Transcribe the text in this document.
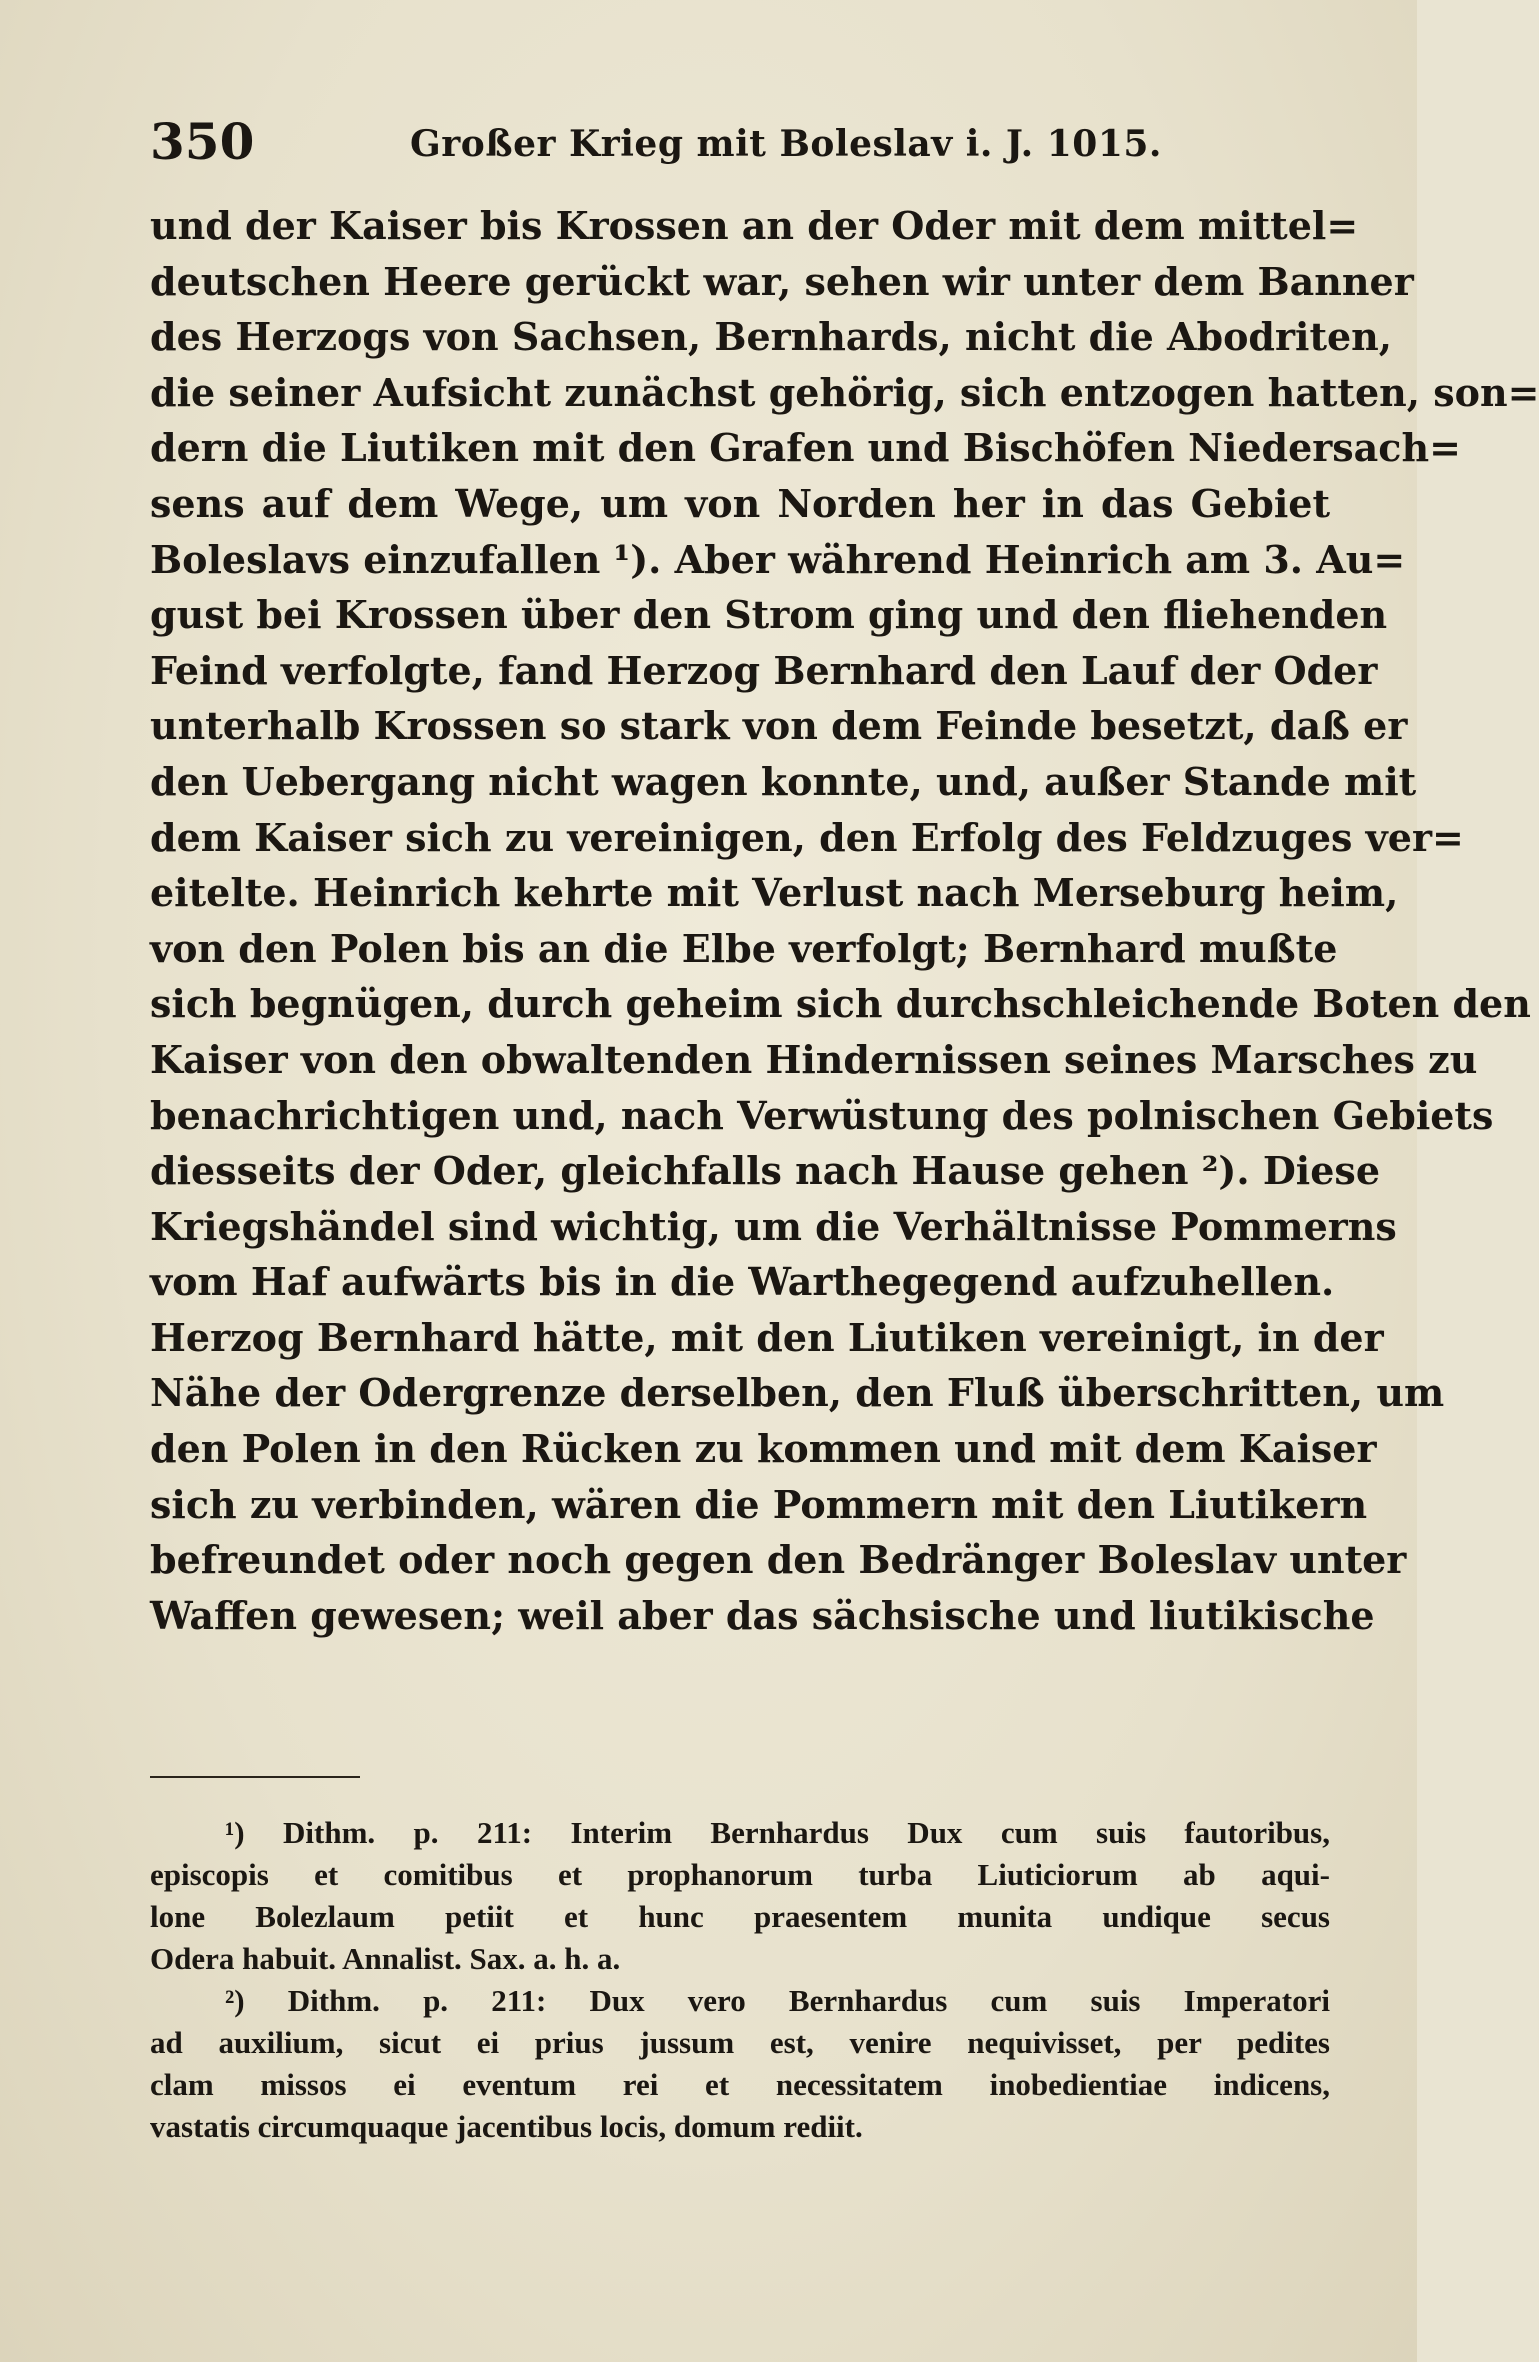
350	Großer Krieg mit Boleslav i. J. 1015.
und der Kaiser bis Krossen an der Oder mit dem mittel=
deutschen Heere gerückt war, sehen wir unter dem Banner
des Herzogs von Sachsen, Bernhards, nicht die Abodriten,
die seiner Aufsicht zunächst gehörig, sich entzogen hatten, son=
dern die Liutiken mit den Grafen und Bischöfen Niedersach=
sens auf dem Wege, um von Norden her in das Gebiet
Boleslavs einzufallen ¹). Aber während Heinrich am 3. Au=
gust bei Krossen über den Strom ging und den fliehenden
Feind verfolgte, fand Herzog Bernhard den Lauf der Oder
unterhalb Krossen so stark von dem Feinde besetzt, daß er
den Uebergang nicht wagen konnte, und, außer Stande mit
dem Kaiser sich zu vereinigen, den Erfolg des Feldzuges ver=
eitelte. Heinrich kehrte mit Verlust nach Merseburg heim,
von den Polen bis an die Elbe verfolgt; Bernhard mußte
sich begnügen, durch geheim sich durchschleichende Boten den
Kaiser von den obwaltenden Hindernissen seines Marsches zu
benachrichtigen und, nach Verwüstung des polnischen Gebiets
diesseits der Oder, gleichfalls nach Hause gehen ²). Diese
Kriegshändel sind wichtig, um die Verhältnisse Pommerns
vom Haf aufwärts bis in die Warthegegend aufzuhellen.
Herzog Bernhard hätte, mit den Liutiken vereinigt, in der
Nähe der Odergrenze derselben, den Fluß überschritten, um
den Polen in den Rücken zu kommen und mit dem Kaiser
sich zu verbinden, wären die Pommern mit den Liutikern
befreundet oder noch gegen den Bedränger Boleslav unter
Waffen gewesen; weil aber das sächsische und liutikische
¹) Dithm. p. 211: Interim Bernhardus Dux cum suis fautoribus,
episcopis et comitibus et prophanorum turba Liuticiorum ab aqui-
lone Bolezlaum petiit et hunc praesentem munita undique secus
Odera habuit. Annalist. Sax. a. h. a.
²) Dithm. p. 211: Dux vero Bernhardus cum suis Imperatori
ad auxilium, sicut ei prius jussum est, venire nequivisset, per pedites
clam missos ei eventum rei et necessitatem inobedientiae indicens,
vastatis circumquaque jacentibus locis, domum rediit.
